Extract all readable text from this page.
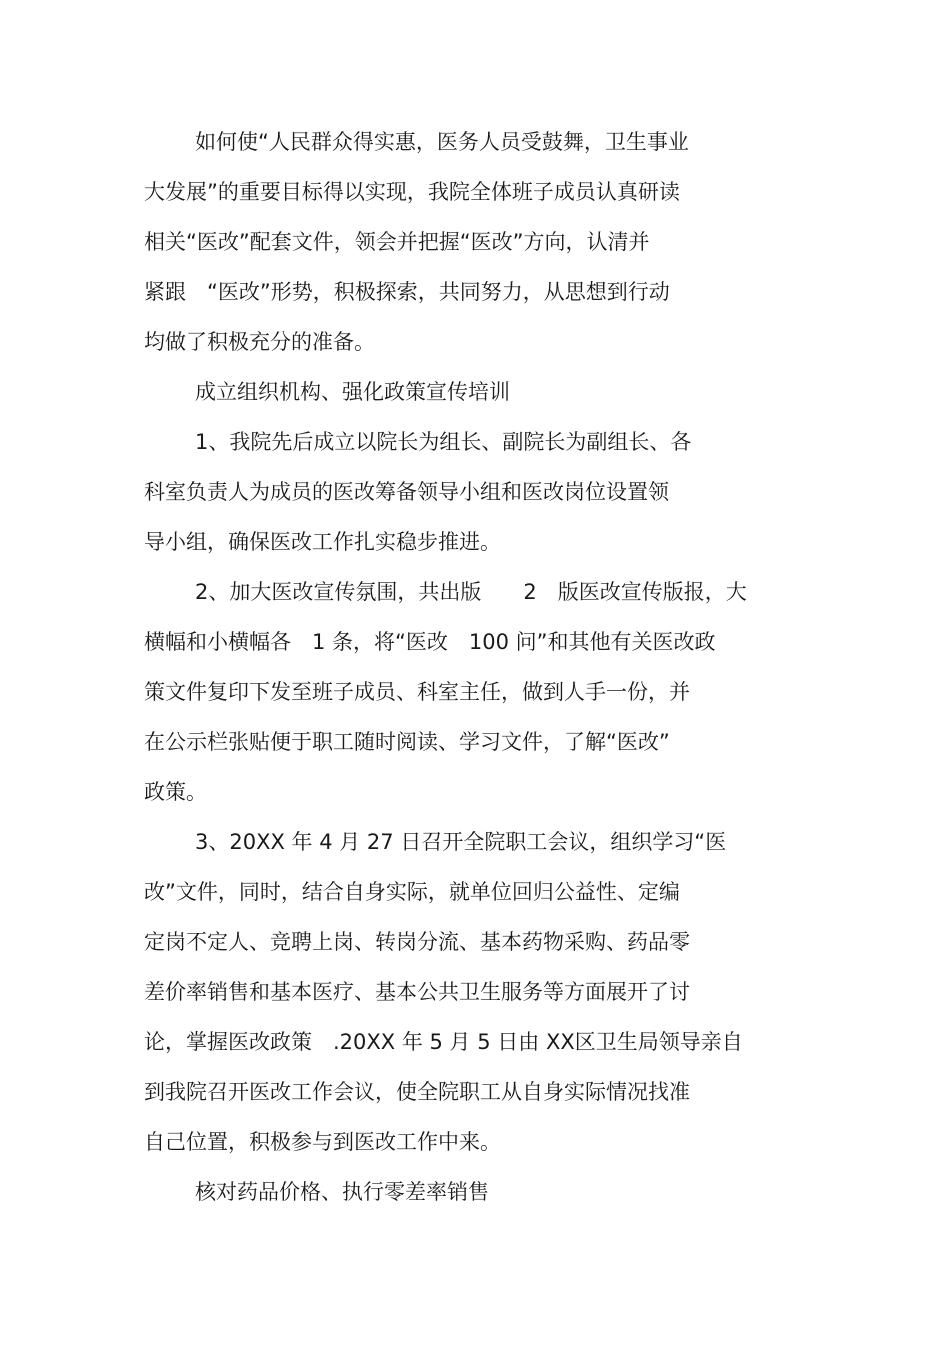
如何使“人民群众得实惠，医务人员受鼓舞，卫生事业
大发展”的重要目标得以实现，我院全体班子成员认真研读
相关“医改”配套文件，领会并把握“医改”方向，认清并
紧跟　“医改”形势，积极探索，共同努力，从思想到行动
均做了积极充分的准备。
成立组织机构、强化政策宣传培训
1、我院先后成立以院长为组长、副院长为副组长、各
科室负责人为成员的医改筹备领导小组和医改岗位设置领
导小组，确保医改工作扎实稳步推进。
2、加大医改宣传氛围，共出版　　2　版医改宣传版报，大
横幅和小横幅各　1 条，将“医改　100 问”和其他有关医改政
策文件复印下发至班子成员、科室主任，做到人手一份，并
在公示栏张贴便于职工随时阅读、学习文件，了解“医改”
政策。
3、20XX 年 4 月 27 日召开全院职工会议，组织学习“医
改”文件，同时，结合自身实际，就单位回归公益性、定编
定岗不定人、竞聘上岗、转岗分流、基本药物采购、药品零
差价率销售和基本医疗、基本公共卫生服务等方面展开了讨
论，掌握医改政策　.20XX 年 5 月 5 日由 XX区卫生局领导亲自
到我院召开医改工作会议，使全院职工从自身实际情况找准
自己位置，积极参与到医改工作中来。
核对药品价格、执行零差率销售
